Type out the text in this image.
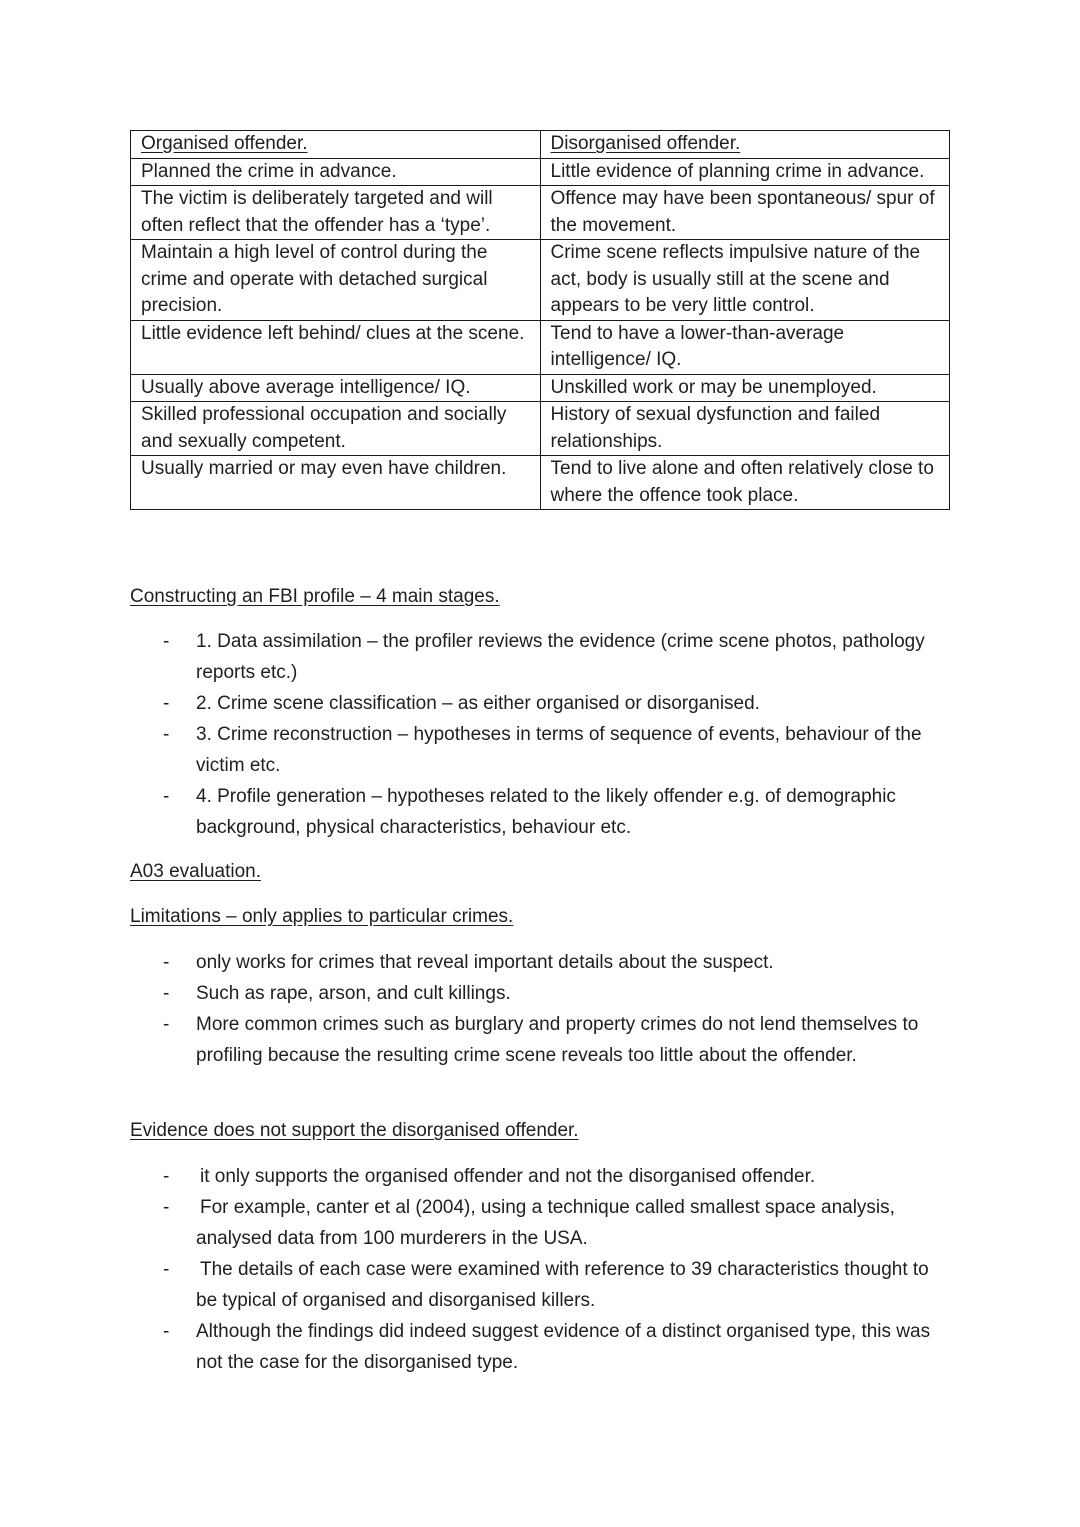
Organised offender.	Disorganised offender.
Planned the crime in advance.	Little evidence of planning crime in advance.
The victim is deliberately targeted and will often reflect that the offender has a ‘type’.	Offence may have been spontaneous/ spur of the movement.
Maintain a high level of control during the crime and operate with detached surgical precision.	Crime scene reflects impulsive nature of the act, body is usually still at the scene and appears to be very little control.
Little evidence left behind/ clues at the scene.	Tend to have a lower-than-average intelligence/ IQ.
Usually above average intelligence/ IQ.	Unskilled work or may be unemployed.
Skilled professional occupation and socially and sexually competent.	History of sexual dysfunction and failed relationships.
Usually married or may even have children.	Tend to live alone and often relatively close to where the offence took place.
Constructing an FBI profile – 4 main stages.
- 1. Data assimilation – the profiler reviews the evidence (crime scene photos, pathology reports etc.)
- 2. Crime scene classification – as either organised or disorganised.
- 3. Crime reconstruction – hypotheses in terms of sequence of events, behaviour of the victim etc.
- 4. Profile generation – hypotheses related to the likely offender e.g. of demographic background, physical characteristics, behaviour etc.
A03 evaluation.
Limitations – only applies to particular crimes.
- only works for crimes that reveal important details about the suspect.
- Such as rape, arson, and cult killings.
- More common crimes such as burglary and property crimes do not lend themselves to profiling because the resulting crime scene reveals too little about the offender.
Evidence does not support the disorganised offender.
- it only supports the organised offender and not the disorganised offender.
- For example, canter et al (2004), using a technique called smallest space analysis, analysed data from 100 murderers in the USA.
- The details of each case were examined with reference to 39 characteristics thought to be typical of organised and disorganised killers.
- Although the findings did indeed suggest evidence of a distinct organised type, this was not the case for the disorganised type.
